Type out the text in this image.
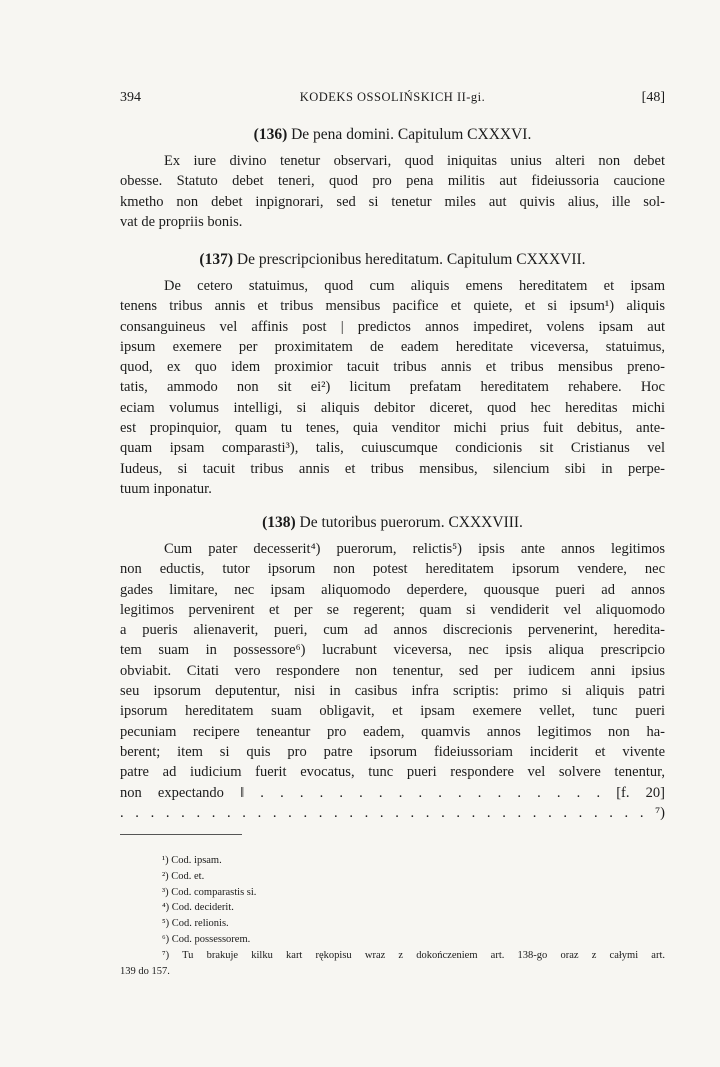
394	KODEKS OSSOLIŃSKICH II-gi.	[48]
(136) De pena domini. Capitulum CXXXVI.
Ex iure divino tenetur observari, quod iniquitas unius alteri non debet
obesse. Statuto debet teneri, quod pro pena militis aut fideiussoria caucione
kmetho non debet inpignorari, sed si tenetur miles aut quivis alius, ille sol-
vat de propriis bonis.
(137) De prescripcionibus hereditatum. Capitulum CXXXVII.
De cetero statuimus, quod cum aliquis emens hereditatem et ipsam
tenens tribus annis et tribus mensibus pacifice et quiete, et si ipsum¹) aliquis
consanguineus vel affinis post | predictos annos impediret, volens ipsam aut
ipsum exemere per proximitatem de eadem hereditate viceversa, statuimus,
quod, ex quo idem proximior tacuit tribus annis et tribus mensibus preno-
tatis, ammodo non sit ei²) licitum prefatam hereditatem rehabere. Hoc
eciam volumus intelligi, si aliquis debitor diceret, quod hec hereditas michi
est propinquior, quam tu tenes, quia venditor michi prius fuit debitus, ante-
quam ipsam comparasti³), talis, cuiuscumque condicionis sit Cristianus vel
Iudeus, si tacuit tribus annis et tribus mensibus, silencium sibi in perpe-
tuum inponatur.
(138) De tutoribus puerorum. CXXXVIII.
Cum pater decesserit⁴) puerorum, relictis⁵) ipsis ante annos legitimos
non eductis, tutor ipsorum non potest hereditatem ipsorum vendere, nec
gades limitare, nec ipsam aliquomodo deperdere, quousque pueri ad annos
legitimos pervenirent et per se regerent; quam si vendiderit vel aliquomodo
a pueris alienaverit, pueri, cum ad annos discrecionis pervenerint, heredita-
tem suam in possessore⁶) lucrabunt viceversa, nec ipsis aliqua prescripcio
obviabit. Citati vero respondere non tenentur, sed per iudicem anni ipsius
seu ipsorum deputentur, nisi in casibus infra scriptis: primo si aliquis patri
ipsorum hereditatem suam obligavit, et ipsam exemere vellet, tunc pueri
pecuniam recipere teneantur pro eadem, quamvis annos legitimos non ha-
berent; item si quis pro patre ipsorum fideiussoriam inciderit et vivente
patre ad iudicium fuerit evocatus, tunc pueri respondere vel solvere tenentur,
non expectando ‖ . . . . . . . . . . . . . . . . . . [f. 20]
. . . . . . . . . . . . . . . . . . . . . . . . . . . . . . . . . . . ⁷)
¹) Cod. ipsam.
²) Cod. et.
³) Cod. comparastis si.
⁴) Cod. deciderit.
⁵) Cod. relionis.
⁶) Cod. possessorem.
⁷) Tu brakuje kilku kart rękopisu wraz z dokończeniem art. 138-go oraz z całymi art.
139 do 157.
